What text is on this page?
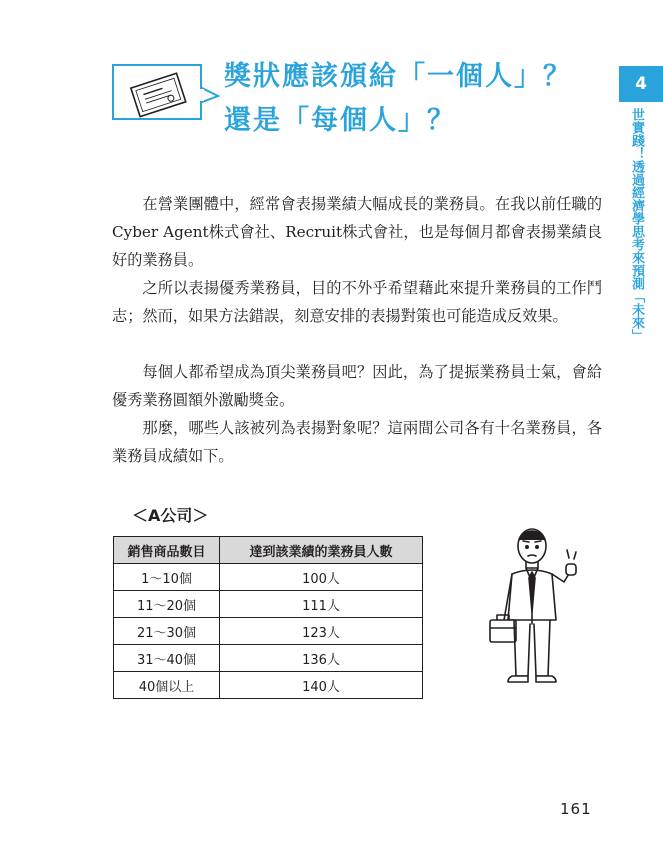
獎狀應該頒給「一個人」？
還是「每個人」？
4
世實踐！透過經濟學思考來預測「未來」

在營業團體中，經常會表揚業績大幅成長的業務員。在我以前任職的Cyber Agent株式會社、Recruit株式會社，也是每個月都會表揚業績良好的業務員。

之所以表揚優秀業務員，目的不外乎希望藉此來提升業務員的工作鬥志；然而，如果方法錯誤，刻意安排的表揚對策也可能造成反效果。

每個人都希望成為頂尖業務員吧？因此，為了提振業務員士氣，會給優秀業務圓額外激勵獎金。

那麼，哪些人該被列為表揚對象呢？這兩間公司各有十名業務員，各業務員成績如下。

＜A公司＞
銷售商品數目	達到該業績的業務員人數
1～10個	100人
11～20個	111人
21～30個	123人
31～40個	136人
40個以上	140人
161
